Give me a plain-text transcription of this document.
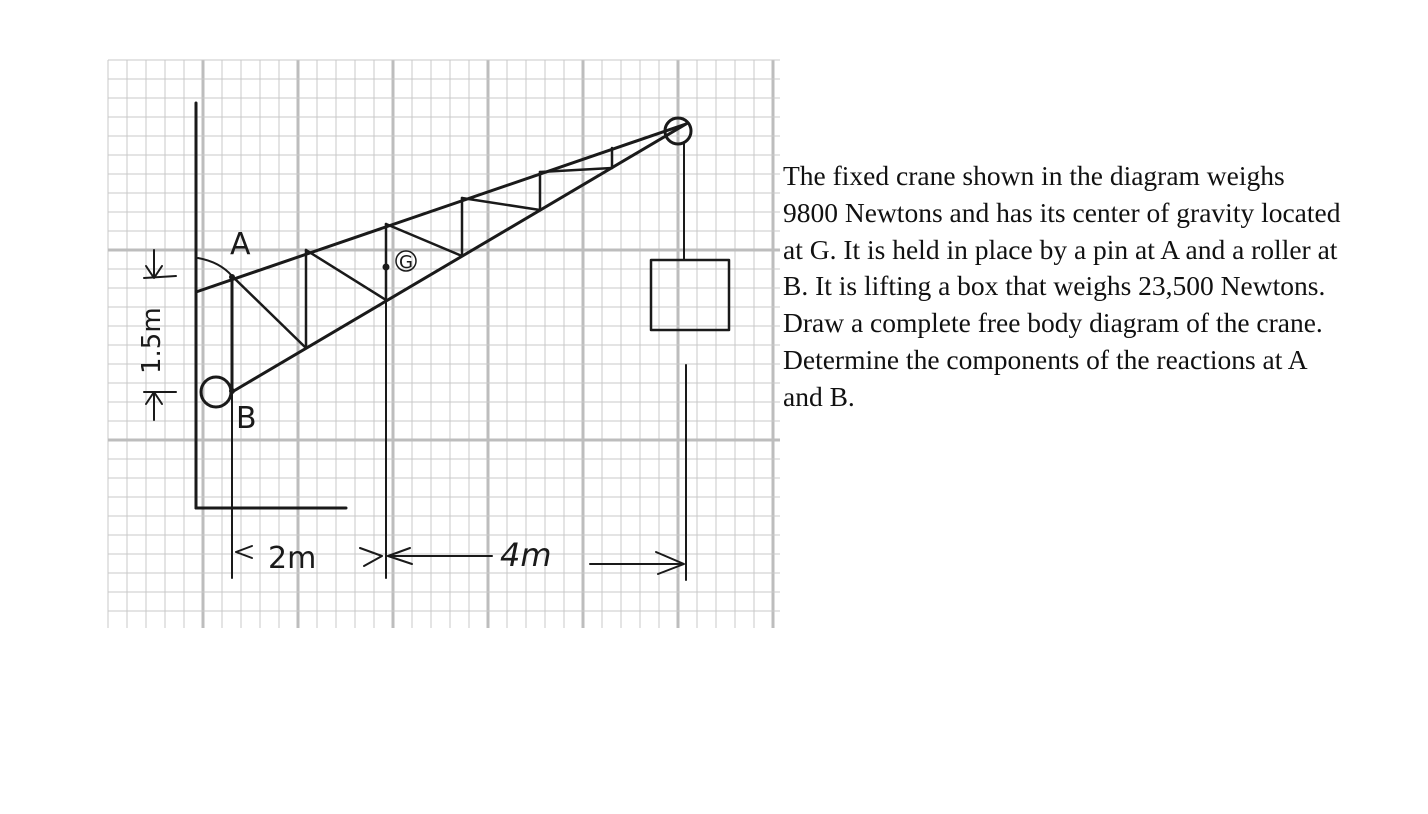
A
B
G
2m	4m
1.5m

The fixed crane shown in the diagram weighs 9800 Newtons and has its center of gravity located at G. It is held in place by a pin at A and a roller at B. It is lifting a box that weighs 23,500 Newtons.

Draw a complete free body diagram of the crane.

Determine the components of the reactions at A and B.
